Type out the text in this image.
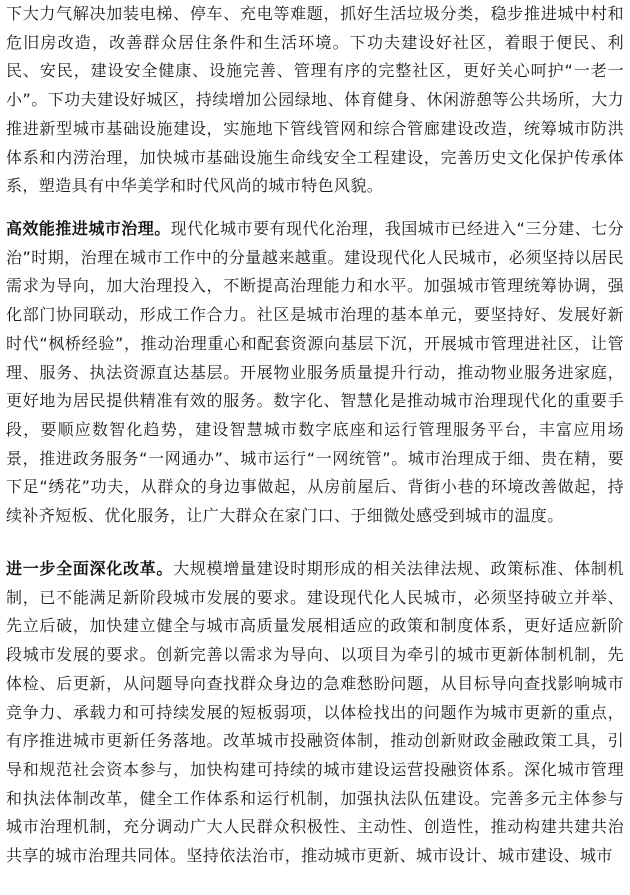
下大力气解决加装电梯、停车、充电等难题，抓好生活垃圾分类，稳步推进城中村和危旧房改造，改善群众居住条件和生活环境。下功夫建设好社区，着眼于便民、利民、安民，建设安全健康、设施完善、管理有序的完整社区，更好关心呵护“一老一小”。下功夫建设好城区，持续增加公园绿地、体育健身、休闲游憩等公共场所，大力推进新型城市基础设施建设，实施地下管线管网和综合管廊建设改造，统筹城市防洪体系和内涝治理，加快城市基础设施生命线安全工程建设，完善历史文化保护传承体系，塑造具有中华美学和时代风尚的城市特色风貌。

高效能推进城市治理。现代化城市要有现代化治理，我国城市已经进入“三分建、七分治”时期，治理在城市工作中的分量越来越重。建设现代化人民城市，必须坚持以居民需求为导向，加大治理投入，不断提高治理能力和水平。加强城市管理统筹协调，强化部门协同联动，形成工作合力。社区是城市治理的基本单元，要坚持好、发展好新时代“枫桥经验”，推动治理重心和配套资源向基层下沉，开展城市管理进社区，让管理、服务、执法资源直达基层。开展物业服务质量提升行动，推动物业服务进家庭，更好地为居民提供精准有效的服务。数字化、智慧化是推动城市治理现代化的重要手段，要顺应数智化趋势，建设智慧城市数字底座和运行管理服务平台，丰富应用场景，推进政务服务“一网通办”、城市运行“一网统管”。城市治理成于细、贵在精，要下足“绣花”功夫，从群众的身边事做起，从房前屋后、背街小巷的环境改善做起，持续补齐短板、优化服务，让广大群众在家门口、于细微处感受到城市的温度。

进一步全面深化改革。大规模增量建设时期形成的相关法律法规、政策标准、体制机制，已不能满足新阶段城市发展的要求。建设现代化人民城市，必须坚持破立并举、先立后破，加快建立健全与城市高质量发展相适应的政策和制度体系，更好适应新阶段城市发展的要求。创新完善以需求为导向、以项目为牵引的城市更新体制机制，先体检、后更新，从问题导向查找群众身边的急难愁盼问题，从目标导向查找影响城市竞争力、承载力和可持续发展的短板弱项，以体检找出的问题作为城市更新的重点，有序推进城市更新任务落地。改革城市投融资体制，推动创新财政金融政策工具，引导和规范社会资本参与，加快构建可持续的城市建设运营投融资体系。深化城市管理和执法体制改革，健全工作体系和运行机制，加强执法队伍建设。完善多元主体参与城市治理机制，充分调动广大人民群众积极性、主动性、创造性，推动构建共建共治共享的城市治理共同体。坚持依法治市，推动城市更新、城市设计、城市建设、城市
